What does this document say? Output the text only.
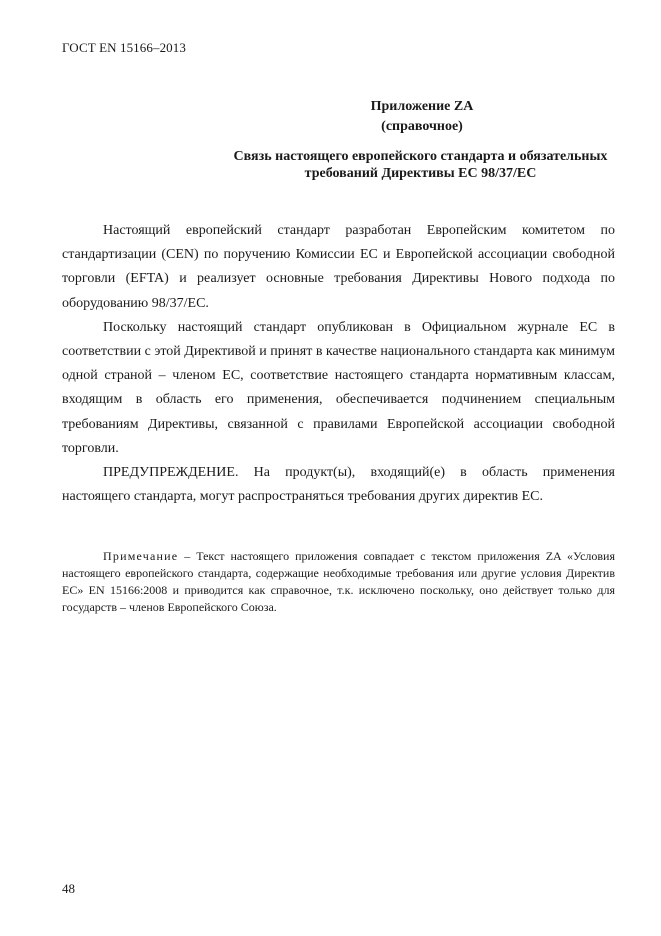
ГОСТ EN 15166–2013
Приложение ZA
(справочное)
Связь настоящего европейского стандарта и обязательных
требований Директивы ЕС 98/37/ЕС

Настоящий европейский стандарт разработан Европейским комитетом по стандартизации (CEN) по поручению Комиссии ЕС и Европейской ассоциации свободной торговли (EFTA) и реализует основные требования Директивы Нового подхода по оборудованию 98/37/ЕС.

Поскольку настоящий стандарт опубликован в Официальном журнале ЕС в соответствии с этой Директивой и принят в качестве национального стандарта как минимум одной страной – членом ЕС, соответствие настоящего стандарта нормативным классам, входящим в область его применения, обеспечивается подчинением специальным требованиям Директивы, связанной с правилами Европейской ассоциации свободной торговли.

ПРЕДУПРЕЖДЕНИЕ. На продукт(ы), входящий(е) в область применения настоящего стандарта, могут распространяться требования других директив ЕС.

Примечание – Текст настоящего приложения совпадает с текстом приложения ZA «Условия настоящего европейского стандарта, содержащие необходимые требования или другие условия Директив ЕС» EN 15166:2008 и приводится как справочное, т.к. исключено поскольку, оно действует только для государств – членов Европейского Союза.

48
